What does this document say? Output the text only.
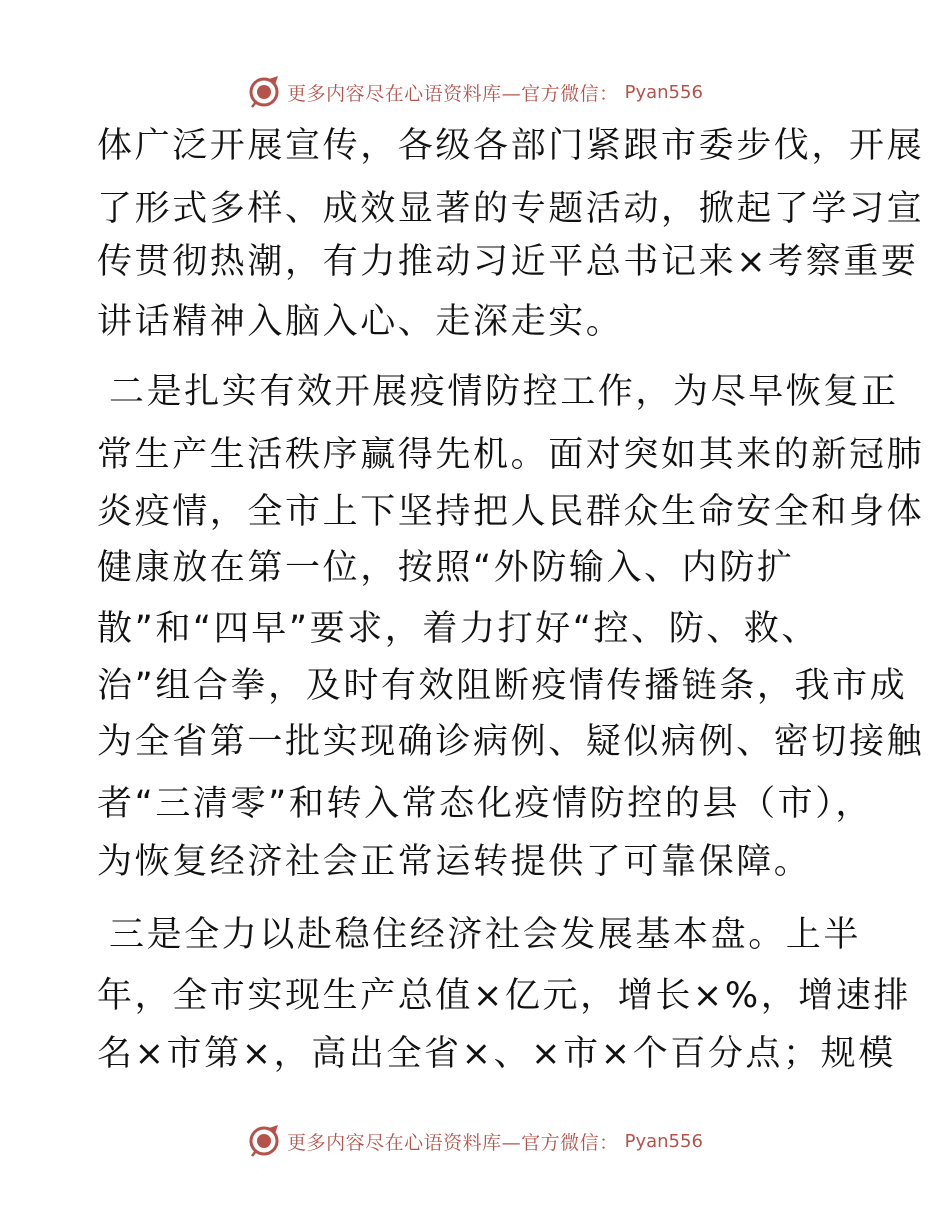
更多内容尽在心语资料库—官方微信： Pyan556
体广泛开展宣传，各级各部门紧跟市委步伐，开展
了形式多样、成效显著的专题活动，掀起了学习宣
传贯彻热潮，有力推动习近平总书记来×考察重要
讲话精神入脑入心、走深走实。
二是扎实有效开展疫情防控工作，为尽早恢复正
常生产生活秩序赢得先机。面对突如其来的新冠肺
炎疫情，全市上下坚持把人民群众生命安全和身体
健康放在第一位，按照“外防输入、内防扩
散”和“四早”要求，着力打好“控、防、救、
治”组合拳，及时有效阻断疫情传播链条，我市成
为全省第一批实现确诊病例、疑似病例、密切接触
者“三清零”和转入常态化疫情防控的县（市），
为恢复经济社会正常运转提供了可靠保障。
三是全力以赴稳住经济社会发展基本盘。上半
年，全市实现生产总值×亿元，增长×%，增速排
名×市第×，高出全省×、×市×个百分点；规模
更多内容尽在心语资料库—官方微信： Pyan556
